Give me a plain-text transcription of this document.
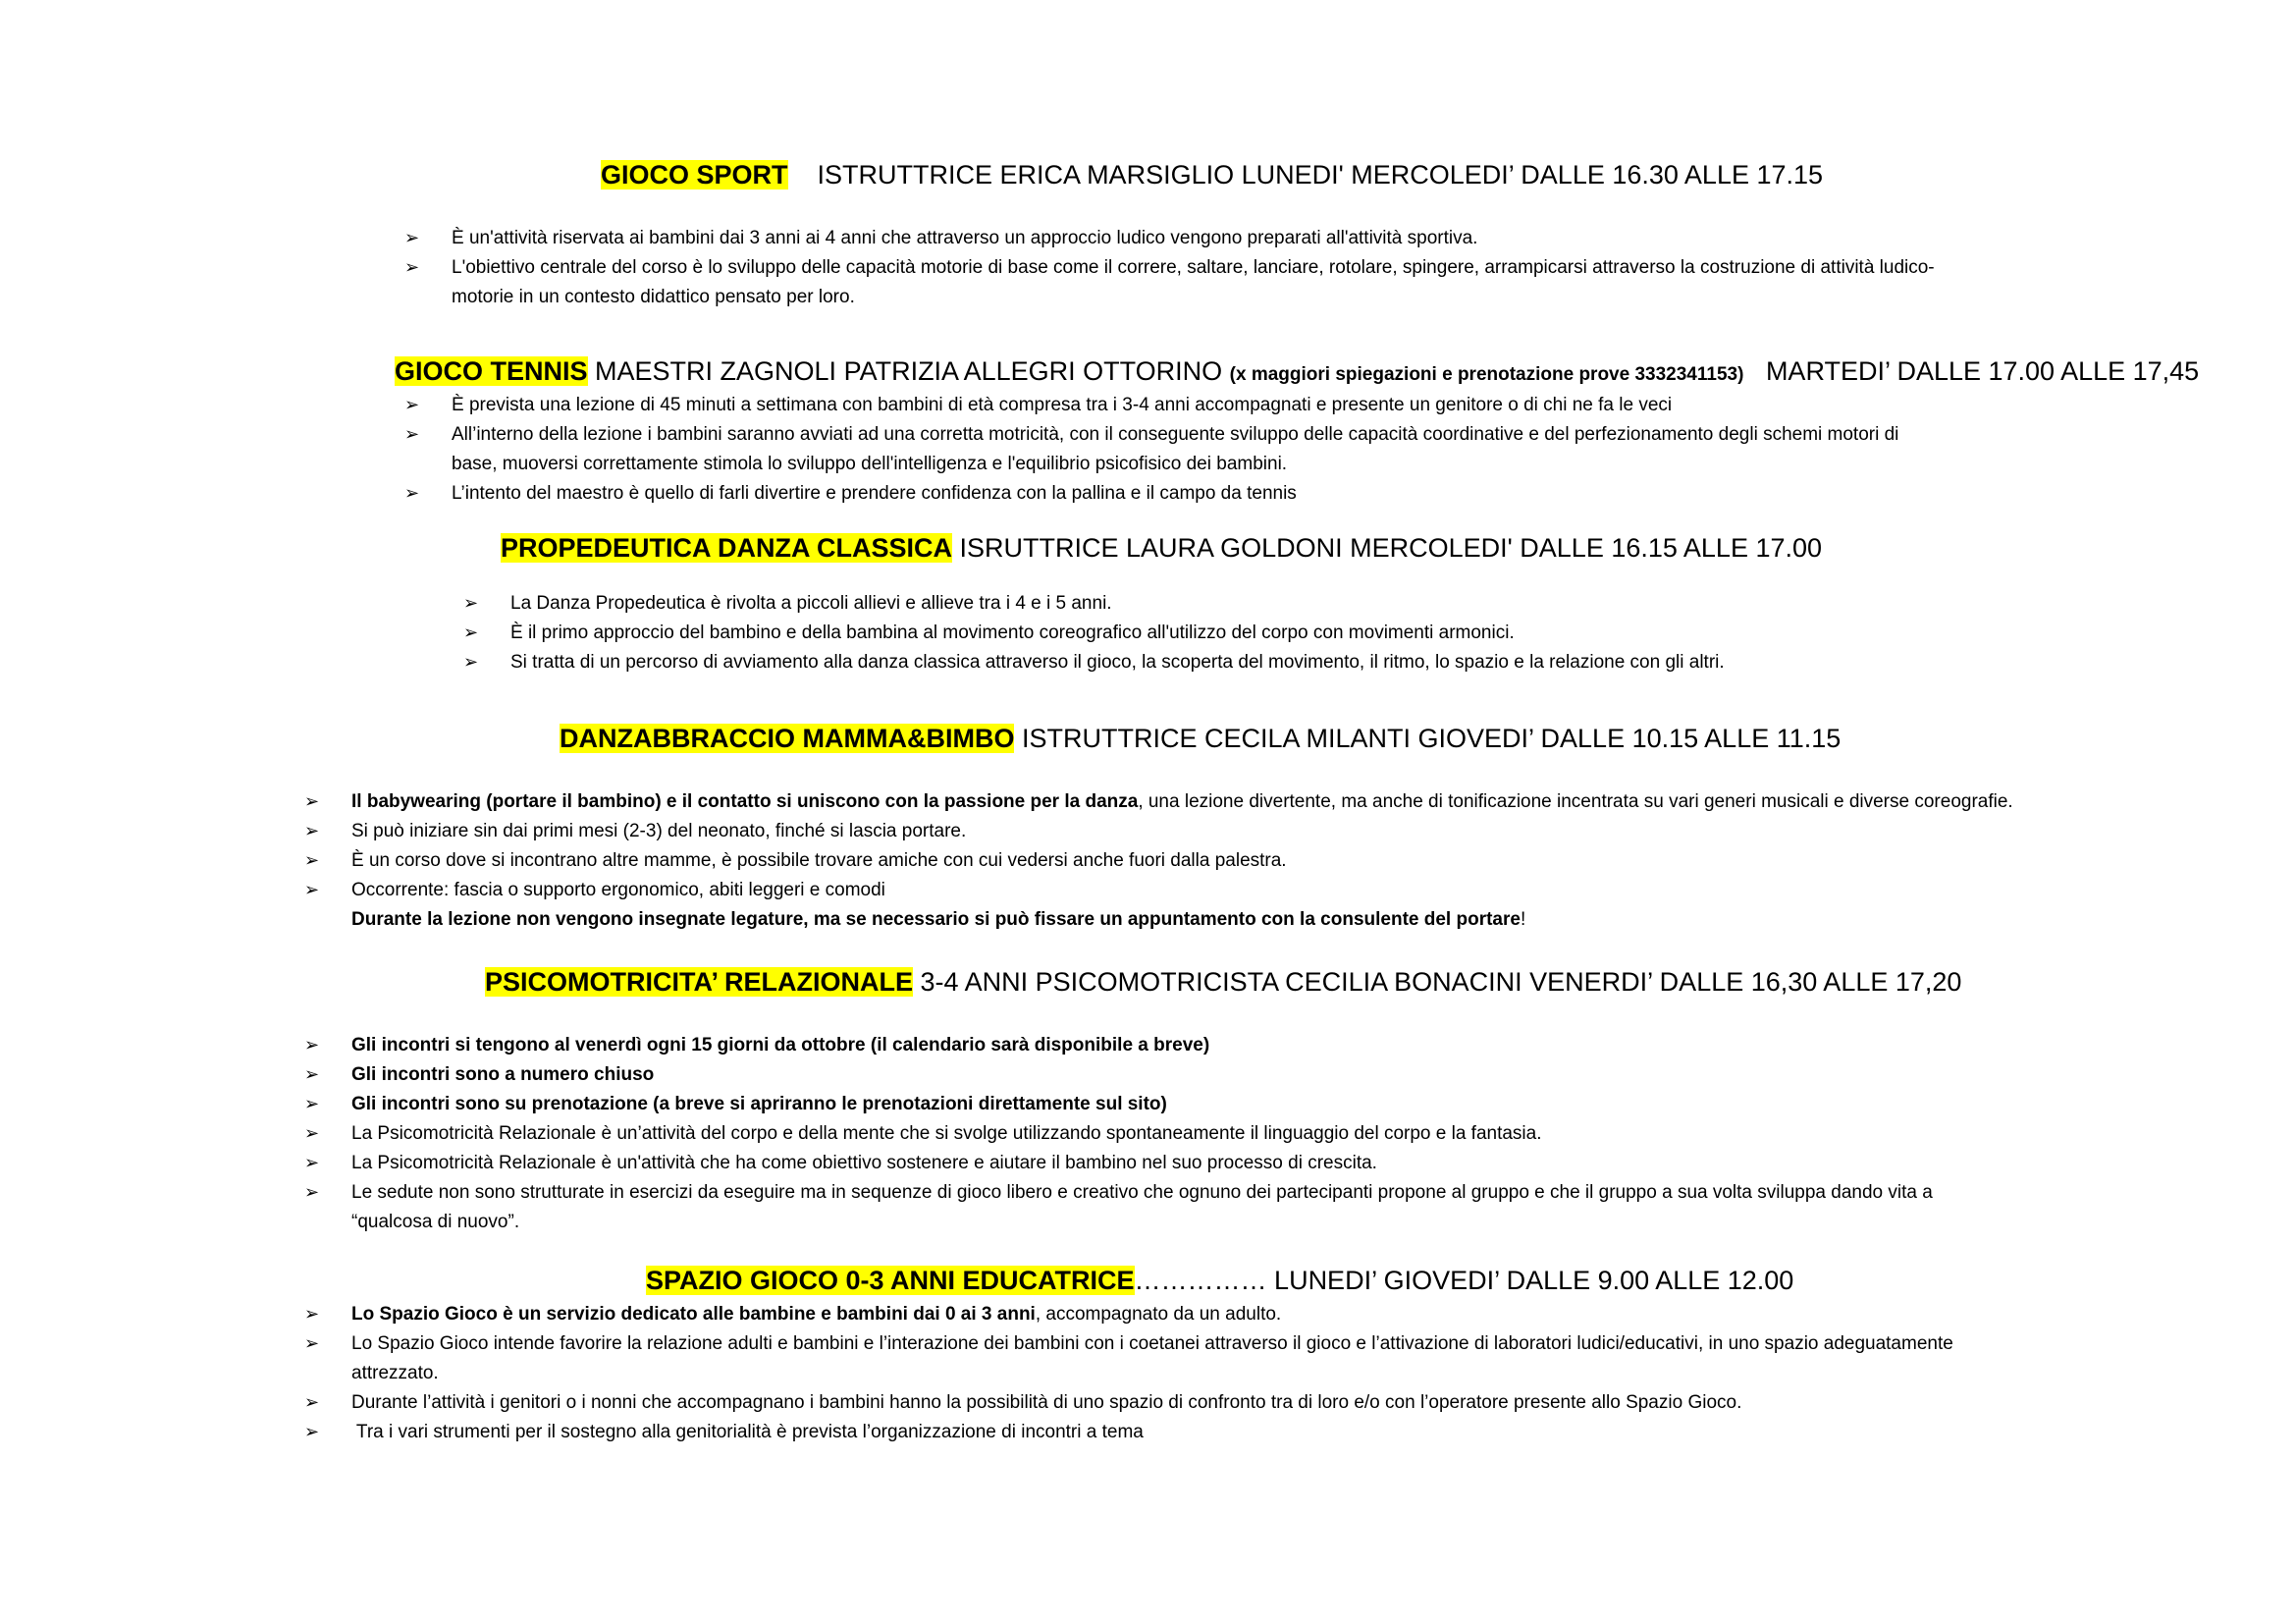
GIOCO SPORT ISTRUTTRICE ERICA MARSIGLIO LUNEDI' MERCOLEDI’ DALLE 16.30 ALLE 17.15
➢	È un'attività riservata ai bambini dai 3 anni ai 4 anni che attraverso un approccio ludico vengono preparati all'attività sportiva.
➢	L'obiettivo centrale del corso è lo sviluppo delle capacità motorie di base come il correre, saltare, lanciare, rotolare, spingere, arrampicarsi attraverso la costruzione di attività ludico-
motorie in un contesto didattico pensato per loro.
GIOCO TENNIS MAESTRI ZAGNOLI PATRIZIA ALLEGRI OTTORINO (x maggiori spiegazioni e prenotazione prove 3332341153) MARTEDI’ DALLE 17.00 ALLE 17,45
➢	È prevista una lezione di 45 minuti a settimana con bambini di età compresa tra i 3-4 anni accompagnati e presente un genitore o di chi ne fa le veci
➢	All’interno della lezione i bambini saranno avviati ad una corretta motricità, con il conseguente sviluppo delle capacità coordinative e del perfezionamento degli schemi motori di
base, muoversi correttamente stimola lo sviluppo dell'intelligenza e l'equilibrio psicofisico dei bambini.
➢	L’intento del maestro è quello di farli divertire e prendere confidenza con la pallina e il campo da tennis
PROPEDEUTICA DANZA CLASSICA ISRUTTRICE LAURA GOLDONI MERCOLEDI' DALLE 16.15 ALLE 17.00
➢	La Danza Propedeutica è rivolta a piccoli allievi e allieve tra i 4 e i 5 anni.
➢	È il primo approccio del bambino e della bambina al movimento coreografico all'utilizzo del corpo con movimenti armonici.
➢	Si tratta di un percorso di avviamento alla danza classica attraverso il gioco, la scoperta del movimento, il ritmo, lo spazio e la relazione con gli altri.
DANZABBRACCIO MAMMA&BIMBO ISTRUTTRICE CECILA MILANTI GIOVEDI’ DALLE 10.15 ALLE 11.15
➢	Il babywearing (portare il bambino) e il contatto si uniscono con la passione per la danza, una lezione divertente, ma anche di tonificazione incentrata su vari generi musicali e diverse coreografie.
➢	Si può iniziare sin dai primi mesi (2-3) del neonato, finché si lascia portare.
➢	È un corso dove si incontrano altre mamme, è possibile trovare amiche con cui vedersi anche fuori dalla palestra.
➢	Occorrente: fascia o supporto ergonomico, abiti leggeri e comodi
Durante la lezione non vengono insegnate legature, ma se necessario si può fissare un appuntamento con la consulente del portare!
PSICOMOTRICITA’ RELAZIONALE 3-4 ANNI PSICOMOTRICISTA CECILIA BONACINI VENERDI’ DALLE 16,30 ALLE 17,20
➢	Gli incontri si tengono al venerdì ogni 15 giorni da ottobre (il calendario sarà disponibile a breve)
➢	Gli incontri sono a numero chiuso
➢	Gli incontri sono su prenotazione (a breve si apriranno le prenotazioni direttamente sul sito)
➢	La Psicomotricità Relazionale è un’attività del corpo e della mente che si svolge utilizzando spontaneamente il linguaggio del corpo e la fantasia.
➢	La Psicomotricità Relazionale è un'attività che ha come obiettivo sostenere e aiutare il bambino nel suo processo di crescita.
➢	Le sedute non sono strutturate in esercizi da eseguire ma in sequenze di gioco libero e creativo che ognuno dei partecipanti propone al gruppo e che il gruppo a sua volta sviluppa dando vita a
“qualcosa di nuovo”.
SPAZIO GIOCO 0-3 ANNI EDUCATRICE…………… LUNEDI’ GIOVEDI’ DALLE 9.00 ALLE 12.00
➢	Lo Spazio Gioco è un servizio dedicato alle bambine e bambini dai 0 ai 3 anni, accompagnato da un adulto.
➢	Lo Spazio Gioco intende favorire la relazione adulti e bambini e l’interazione dei bambini con i coetanei attraverso il gioco e l’attivazione di laboratori ludici/educativi, in uno spazio adeguatamente
attrezzato.
➢	Durante l’attività i genitori o i nonni che accompagnano i bambini hanno la possibilità di uno spazio di confronto tra di loro e/o con l’operatore presente allo Spazio Gioco.
➢	Tra i vari strumenti per il sostegno alla genitorialità è prevista l’organizzazione di incontri a tema
